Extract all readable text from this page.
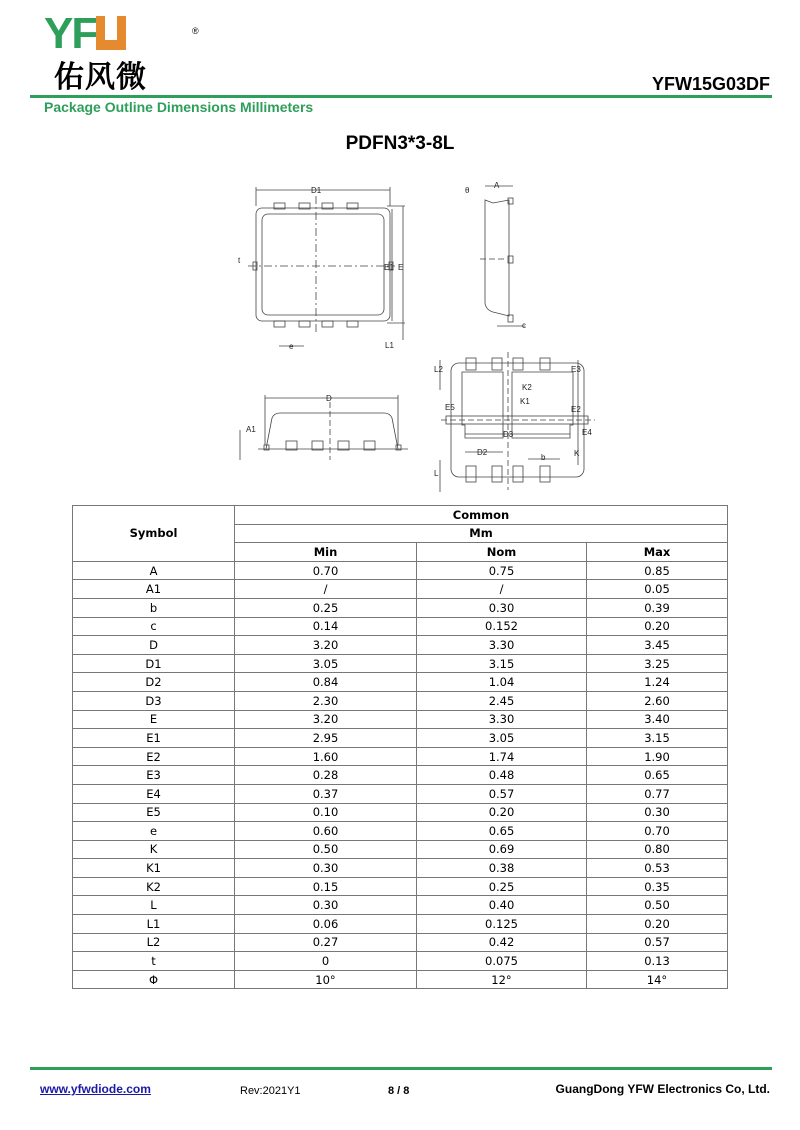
YF	®
佑风微	YFW15G03DF
Package Outline Dimensions Millimeters
PDFN3*3-8L
D1
E1 E
t
e	L1
θ
A
c
D
A1
L2	E3
K2
K1
E5	E2
D3	E4
D2
b	K
L
Symbol	Common		
	Mm		
	Min	Nom	Max
A	0.70	0.75	0.85
A1	/	/	0.05
b	0.25	0.30	0.39
c	0.14	0.152	0.20
D	3.20	3.30	3.45
D1	3.05	3.15	3.25
D2	0.84	1.04	1.24
D3	2.30	2.45	2.60
E	3.20	3.30	3.40
E1	2.95	3.05	3.15
E2	1.60	1.74	1.90
E3	0.28	0.48	0.65
E4	0.37	0.57	0.77
E5	0.10	0.20	0.30
e	0.60	0.65	0.70
K	0.50	0.69	0.80
K1	0.30	0.38	0.53
K2	0.15	0.25	0.35
L	0.30	0.40	0.50
L1	0.06	0.125	0.20
L2	0.27	0.42	0.57
t	0	0.075	0.13
Φ	10°	12°	14°
www.yfwdiode.com	Rev:2021Y1	8 / 8	GuangDong YFW Electronics Co, Ltd.
